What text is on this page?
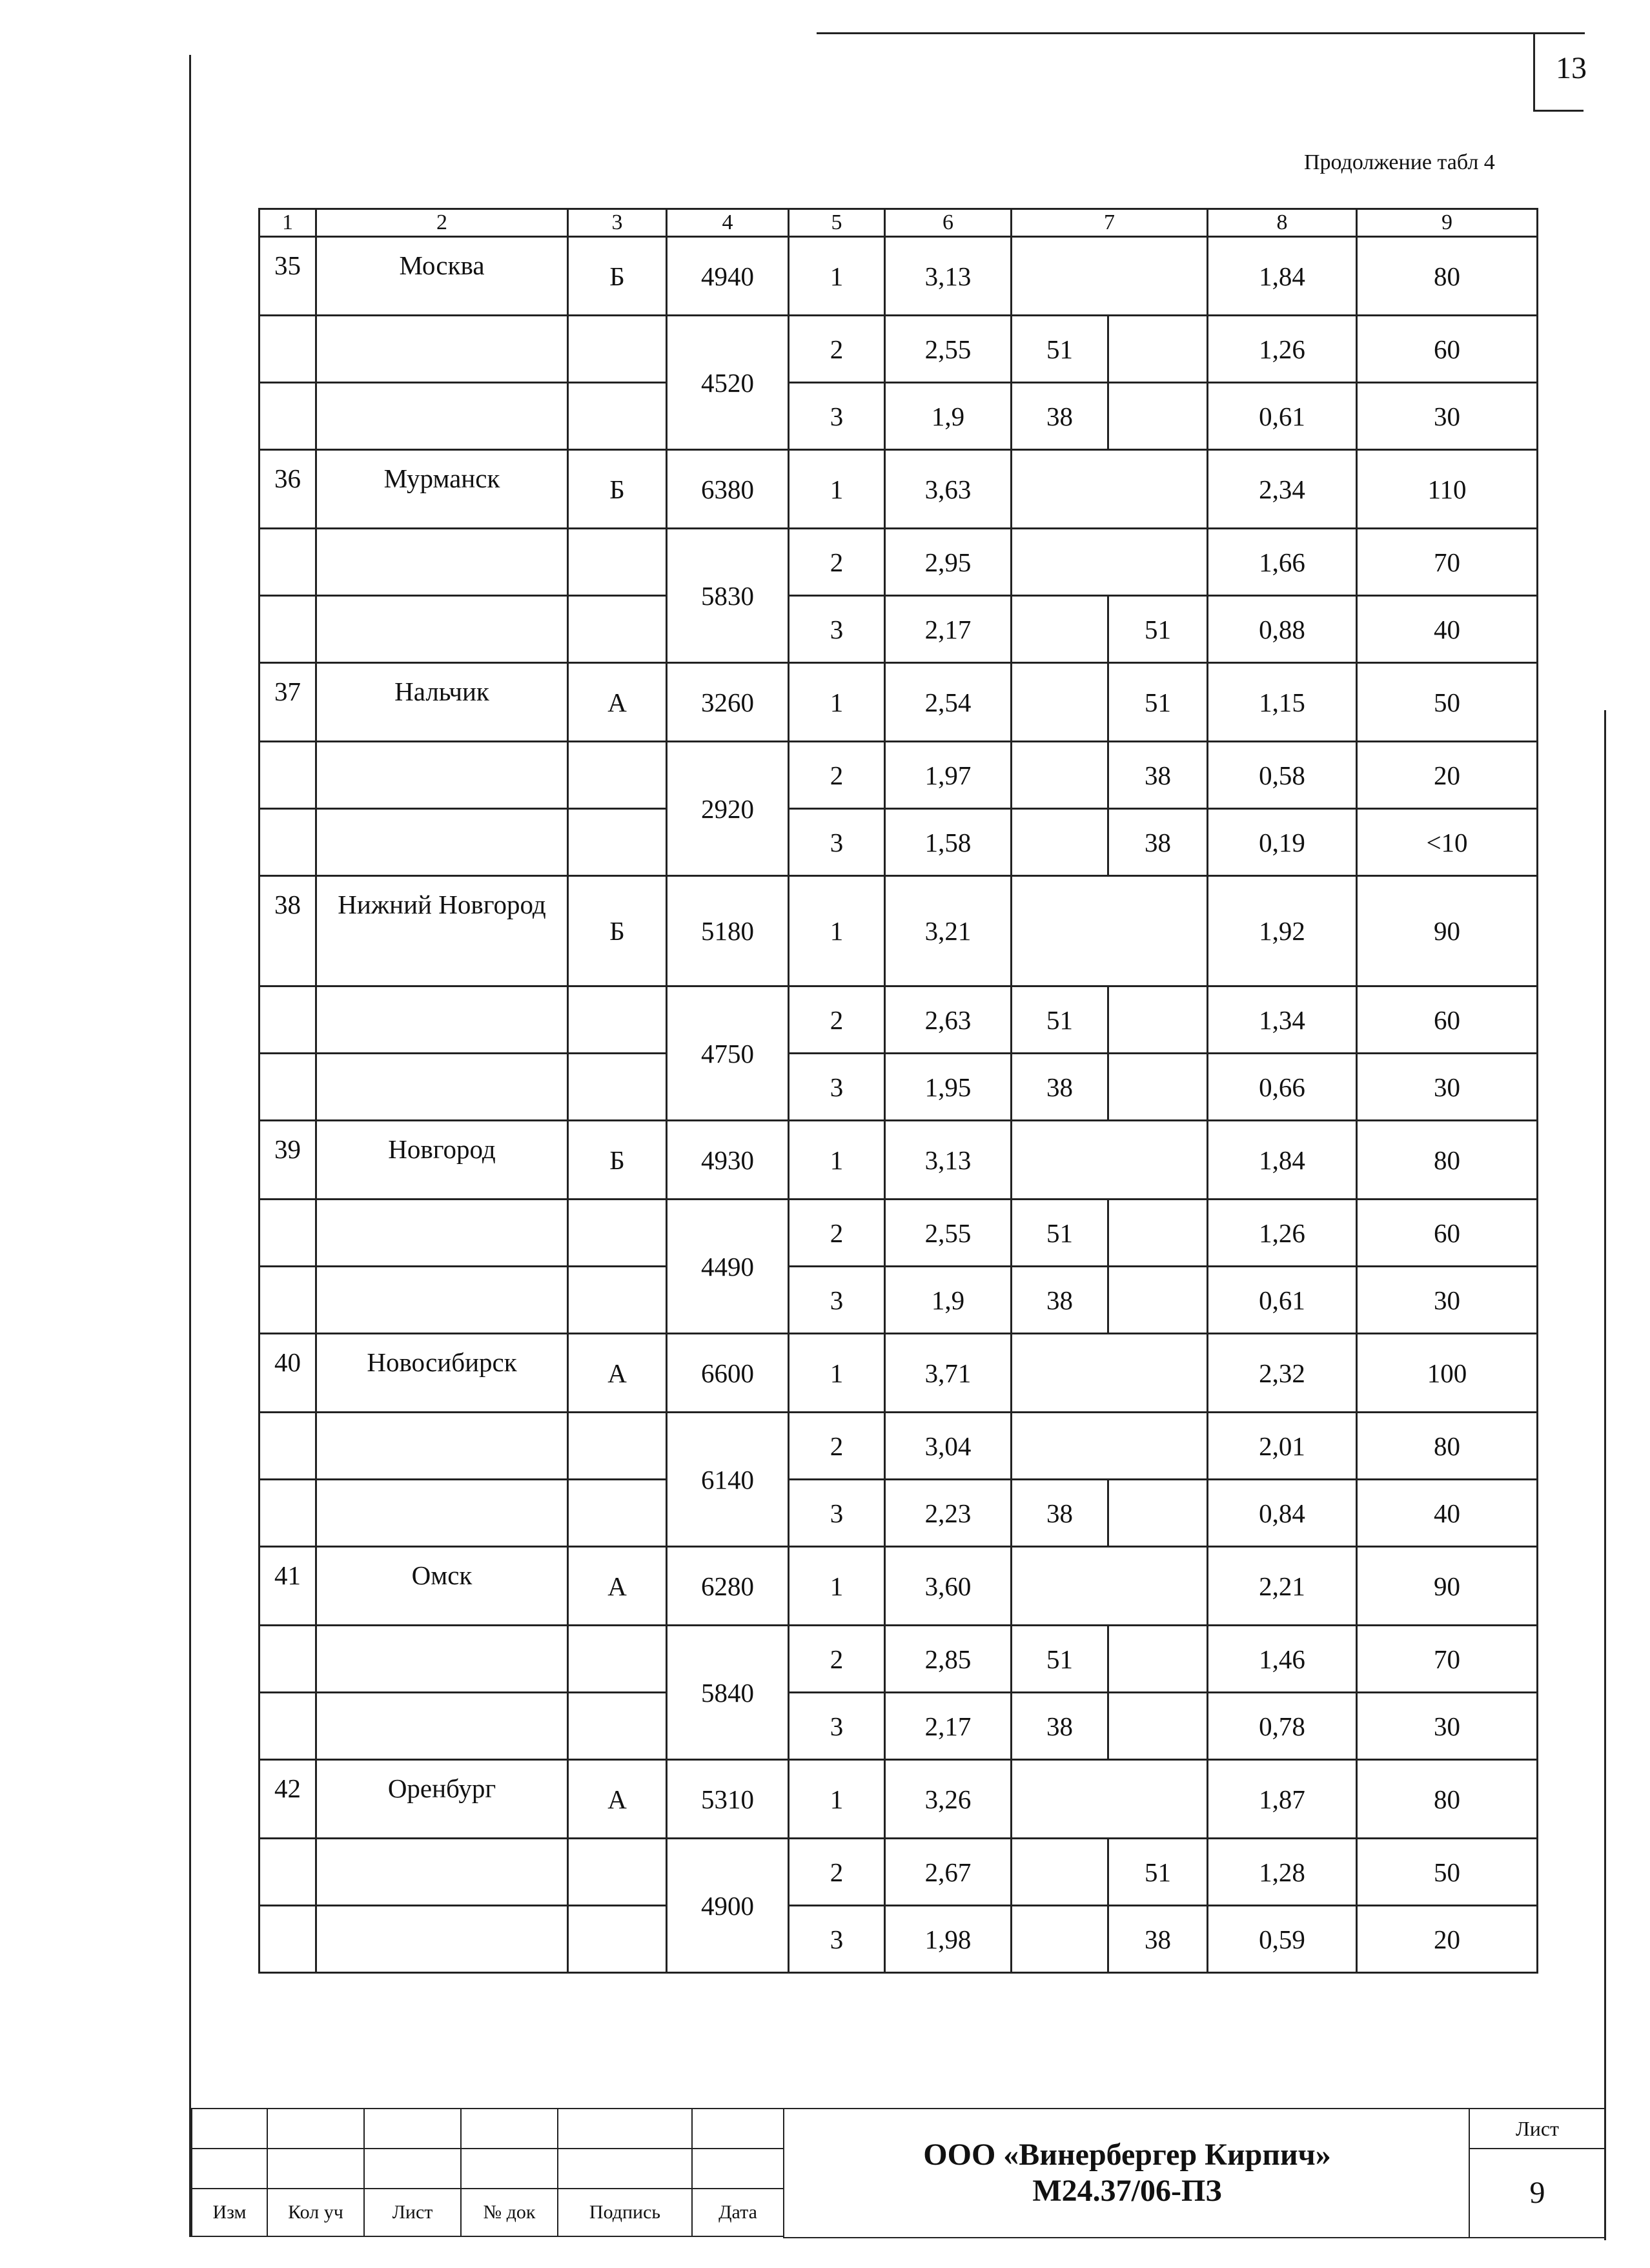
13
Продолжение табл 4
1	2	3	4	5	6	7		8	9
35	Москва	Б	4940	1	3,13			1,84	80
			4520	2	2,55	51		1,26	60
				3	1,9	38		0,61	30
36	Мурманск	Б	6380	1	3,63			2,34	110
			5830	2	2,95			1,66	70
				3	2,17		51	0,88	40
37	Нальчик	А	3260	1	2,54		51	1,15	50
			2920	2	1,97		38	0,58	20
				3	1,58		38	0,19	<10
38	Нижний Новгород	Б	5180	1	3,21			1,92	90
			4750	2	2,63	51		1,34	60
				3	1,95	38		0,66	30
39	Новгород	Б	4930	1	3,13			1,84	80
			4490	2	2,55	51		1,26	60
				3	1,9	38		0,61	30
40	Новосибирск	А	6600	1	3,71			2,32	100
			6140	2	3,04			2,01	80
				3	2,23	38		0,84	40
41	Омск	А	6280	1	3,60			2,21	90
			5840	2	2,85	51		1,46	70
				3	2,17	38		0,78	30
42	Оренбург	А	5310	1	3,26			1,87	80
			4900	2	2,67		51	1,28	50
				3	1,98		38	0,59	20

Изм	Кол уч	Лист	№ док	Подпись	Дата
ООО «Винербергер Кирпич»
М24.37/06-ПЗ
Лист
9
